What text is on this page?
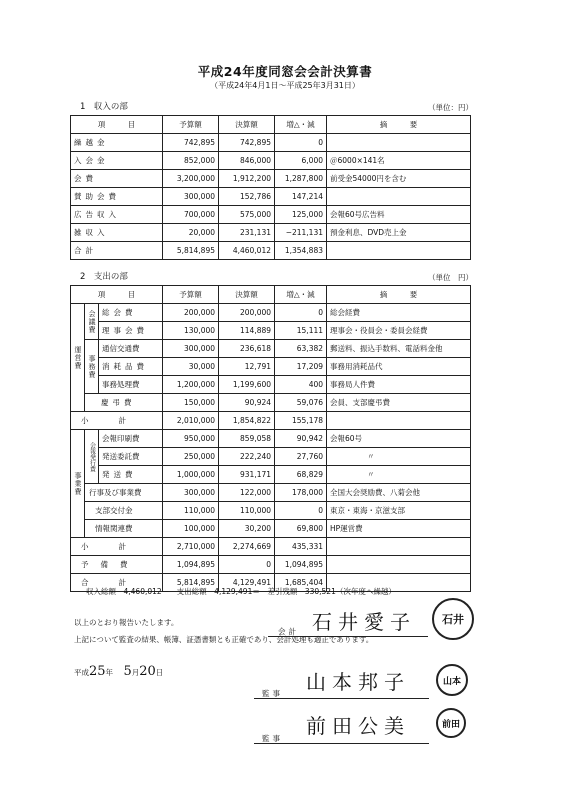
平成24年度同窓会会計決算書
（平成24年4月1日～平成25年3月31日）
1　収入の部	（単位：円）
項　　　目	予算額	決算額	増△・減	摘　　　要
繰越金	742,895	742,895	0	
入会金	852,000	846,000	6,000	＠6000×141名
会費	3,200,000	1,912,200	1,287,800	前受金54000円を含む
賛助会費	300,000	152,786	147,214	
広告収入	700,000	575,000	125,000	会報60号広告料
雑収入	20,000	231,131	−211,131	預金利息、DVD売上金
合計	5,814,895	4,460,012	1,354,883	
2　支出の部	（単位　円）
項　　　目			予算額	決算額	増△・減	摘　　　要
運営費	会議費	総会費	200,000	200,000	0	総会経費
		理事会費	130,000	114,889	15,111	理事会・役員会・委員会経費
	事務費	通信交通費	300,000	236,618	63,382	郵送料、振込手数料、電話料金他
		消耗品費	30,000	12,791	17,209	事務用消耗品代
		事務処理費	1,200,000	1,199,600	400	事務局人件費
	慶弔費		150,000	90,924	59,076	会員、支部慶弔費
小計			2,010,000	1,854,822	155,178	
事業費	会報発行費	会報印刷費	950,000	859,058	90,942	会報60号
		発送委託費	250,000	222,240	27,760	〃
		発送費	1,000,000	931,171	68,829	〃
	行事及び事業費		300,000	122,000	178,000	全国大会奨励費、八菊会他
	支部交付金		110,000	110,000	0	東京・東海・京滋支部
	情報関連費		100,000	30,200	69,800	HP運営費
小計			2,710,000	2,274,669	435,331	
予備費			1,094,895	0	1,094,895	
合計			5,814,895	4,129,491	1,685,404	
収入総額　4,460,012－　支出総額　4,129,491＝　差引残額　330,521（次年度へ繰越）
以上のとおり報告いたします。
上記について監査の結果、帳簿、証憑書類とも正確であり、会計処理も適正であります。
平成25年 5月20日
会計 石井愛子	石井
監事 山本邦子	山本
監事
前田公美	前田
